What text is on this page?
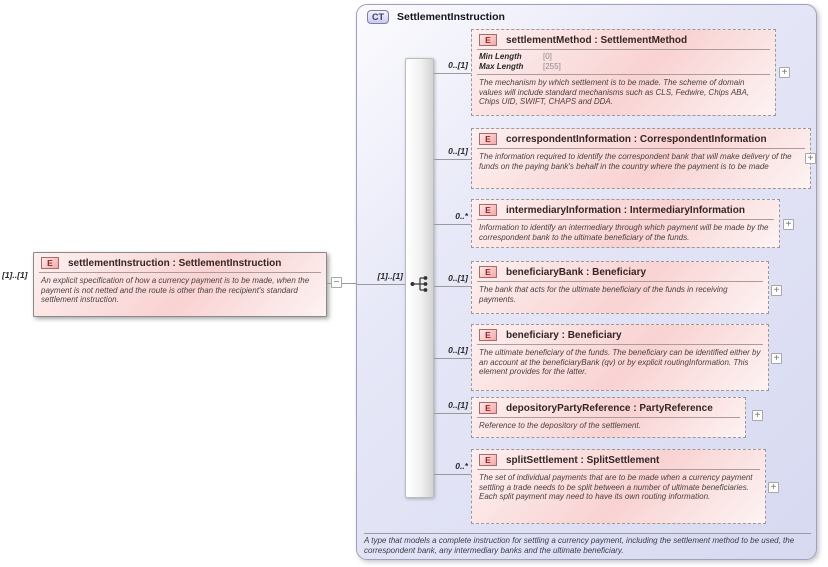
[1]..[1]
E	settlementInstruction : SettlementInstruction
An explicit specification of how a currency payment is to be made, when the payment is not netted and the route is other than the recipient's standard settlement instruction.
−
CT	SettlementInstruction
[1]..[1]
0..[1]
0..[1]
0..*
0..[1]
0..[1]
0..[1]
0..*
E	settlementMethod : SettlementMethod
Min Length	[0]
Max Length	[255]
The mechanism by which settlement is to be made. The scheme of domain values will include standard mechanisms such as CLS, Fedwire, Chips ABA, Chips UID, SWIFT, CHAPS and DDA.
+
E	correspondentInformation : CorrespondentInformation
The information required to identify the correspondent bank that will make delivery of the funds on the paying bank's behalf in the country where the payment is to be made
+
E	intermediaryInformation : IntermediaryInformation
Information to identify an intermediary through which payment will be made by the correspondent bank to the ultimate beneficiary of the funds.
+
E	beneficiaryBank : Beneficiary
The bank that acts for the ultimate beneficiary of the funds in receiving payments.
+
E	beneficiary : Beneficiary
The ultimate beneficiary of the funds. The beneficiary can be identified either by an account at the beneficiaryBank (qv) or by explicit routingInformation. This element provides for the latter.
+
E	depositoryPartyReference : PartyReference
Reference to the depository of the settlement.
+
E	splitSettlement : SplitSettlement
The set of individual payments that are to be made when a currency payment settling a trade needs to be split between a number of ultimate beneficiaries. Each split payment may need to have its own routing information.
+
A type that models a complete instruction for settling a currency payment, including the settlement method to be used, the correspondent bank, any intermediary banks and the ultimate beneficiary.
